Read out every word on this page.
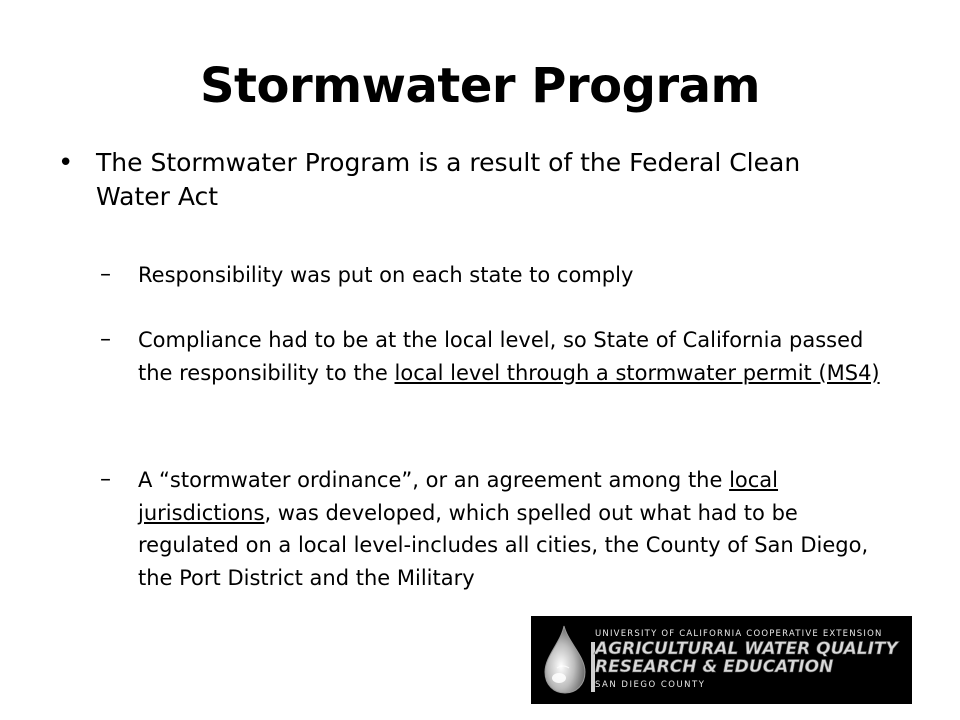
Stormwater Program
• The Stormwater Program is a result of the Federal Clean Water Act
– Responsibility was put on each state to comply
– Compliance had to be at the local level, so State of California passed the responsibility to the local level through a stormwater permit (MS4)
– A “stormwater ordinance”, or an agreement among the local jurisdictions, was developed, which spelled out what had to be regulated on a local level-includes all cities, the County of San Diego, the Port District and the Military
UNIVERSITY OF CALIFORNIA COOPERATIVE EXTENSION
AGRICULTURAL WATER QUALITY
RESEARCH & EDUCATION
SAN DIEGO COUNTY
